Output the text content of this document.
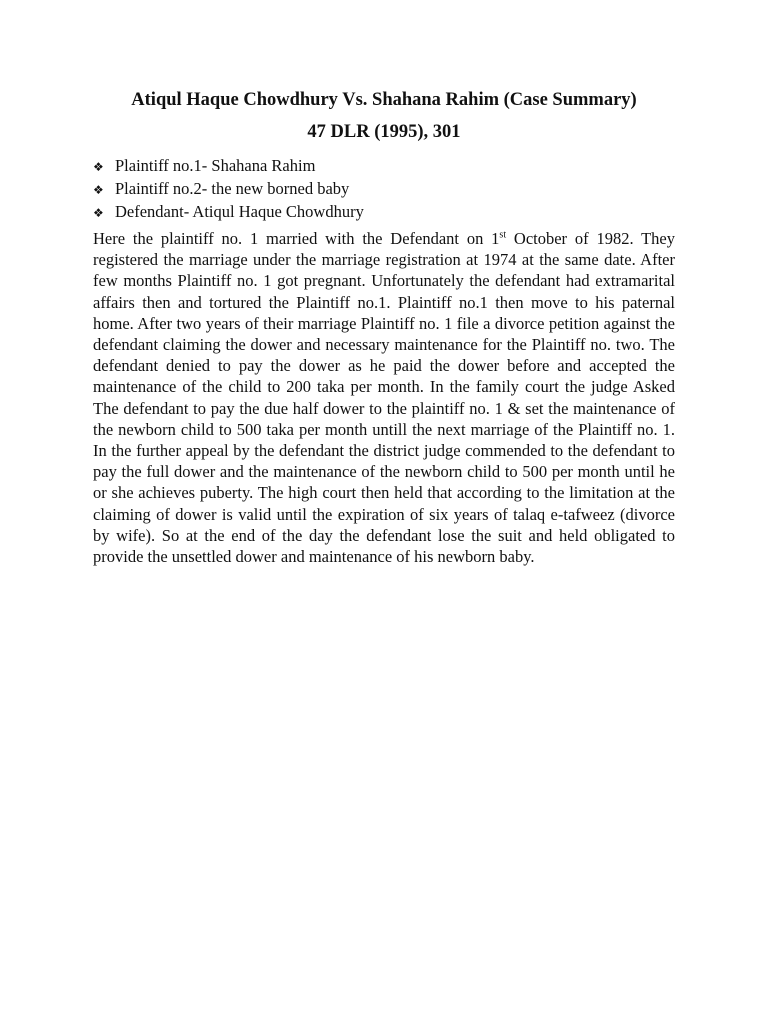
Atiqul Haque Chowdhury Vs. Shahana Rahim (Case Summary)
47 DLR (1995), 301
❖ Plaintiff no.1- Shahana Rahim
❖ Plaintiff no.2- the new borned baby
❖ Defendant- Atiqul Haque Chowdhury

Here the plaintiff no. 1 married with the Defendant on 1st October of 1982. They registered the marriage under the marriage registration at 1974 at the same date. After few months Plaintiff no. 1 got pregnant. Unfortunately the defendant had extramarital affairs then and tortured the Plaintiff no.1. Plaintiff no.1 then move to his paternal home. After two years of their marriage Plaintiff no. 1 file a divorce petition against the defendant claiming the dower and necessary maintenance for the Plaintiff no. two. The defendant denied to pay the dower as he paid the dower before and accepted the maintenance of the child to 200 taka per month. In the family court the judge Asked The defendant to pay the due half dower to the plaintiff no. 1 & set the maintenance of the newborn child to 500 taka per month untill the next marriage of the Plaintiff no. 1. In the further appeal by the defendant the district judge commended to the defendant to pay the full dower and the maintenance of the newborn child to 500 per month until he or she achieves puberty. The high court then held that according to the limitation at the claiming of dower is valid until the expiration of six years of talaq e-tafweez (divorce by wife). So at the end of the day the defendant lose the suit and held obligated to provide the unsettled dower and maintenance of his newborn baby.
